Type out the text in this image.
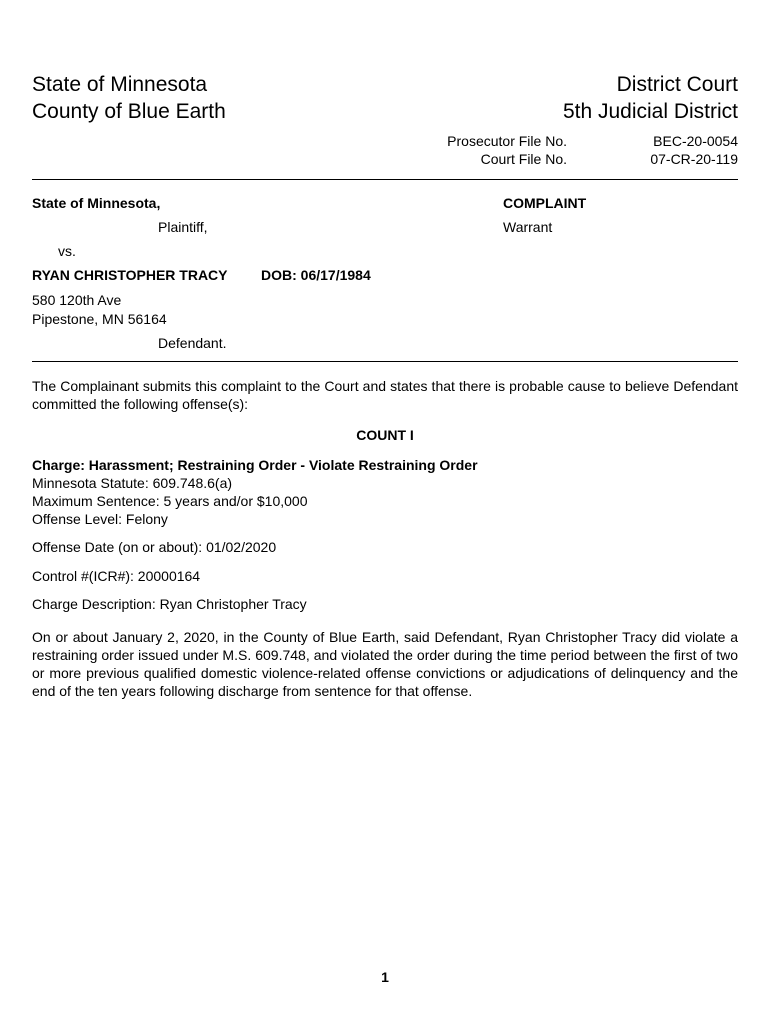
State of Minnesota
County of Blue Earth
District Court
5th Judicial District
Prosecutor File No.	BEC-20-0054
Court File No.	07-CR-20-119
State of Minnesota,
Plaintiff,
COMPLAINT
Warrant
vs.
RYAN CHRISTOPHER TRACY DOB: 06/17/1984
580 120th Ave
Pipestone, MN 56164
Defendant.
The Complainant submits this complaint to the Court and states that there is probable cause to believe Defendant committed the following offense(s):
COUNT I
Charge: Harassment; Restraining Order - Violate Restraining Order
Minnesota Statute: 609.748.6(a)
Maximum Sentence: 5 years and/or $10,000
Offense Level: Felony
Offense Date (on or about): 01/02/2020
Control #(ICR#): 20000164
Charge Description: Ryan Christopher Tracy
On or about January 2, 2020, in the County of Blue Earth, said Defendant, Ryan Christopher Tracy did violate a restraining order issued under M.S. 609.748, and violated the order during the time period between the first of two or more previous qualified domestic violence-related offense convictions or adjudications of delinquency and the end of the ten years following discharge from sentence for that offense.
1
